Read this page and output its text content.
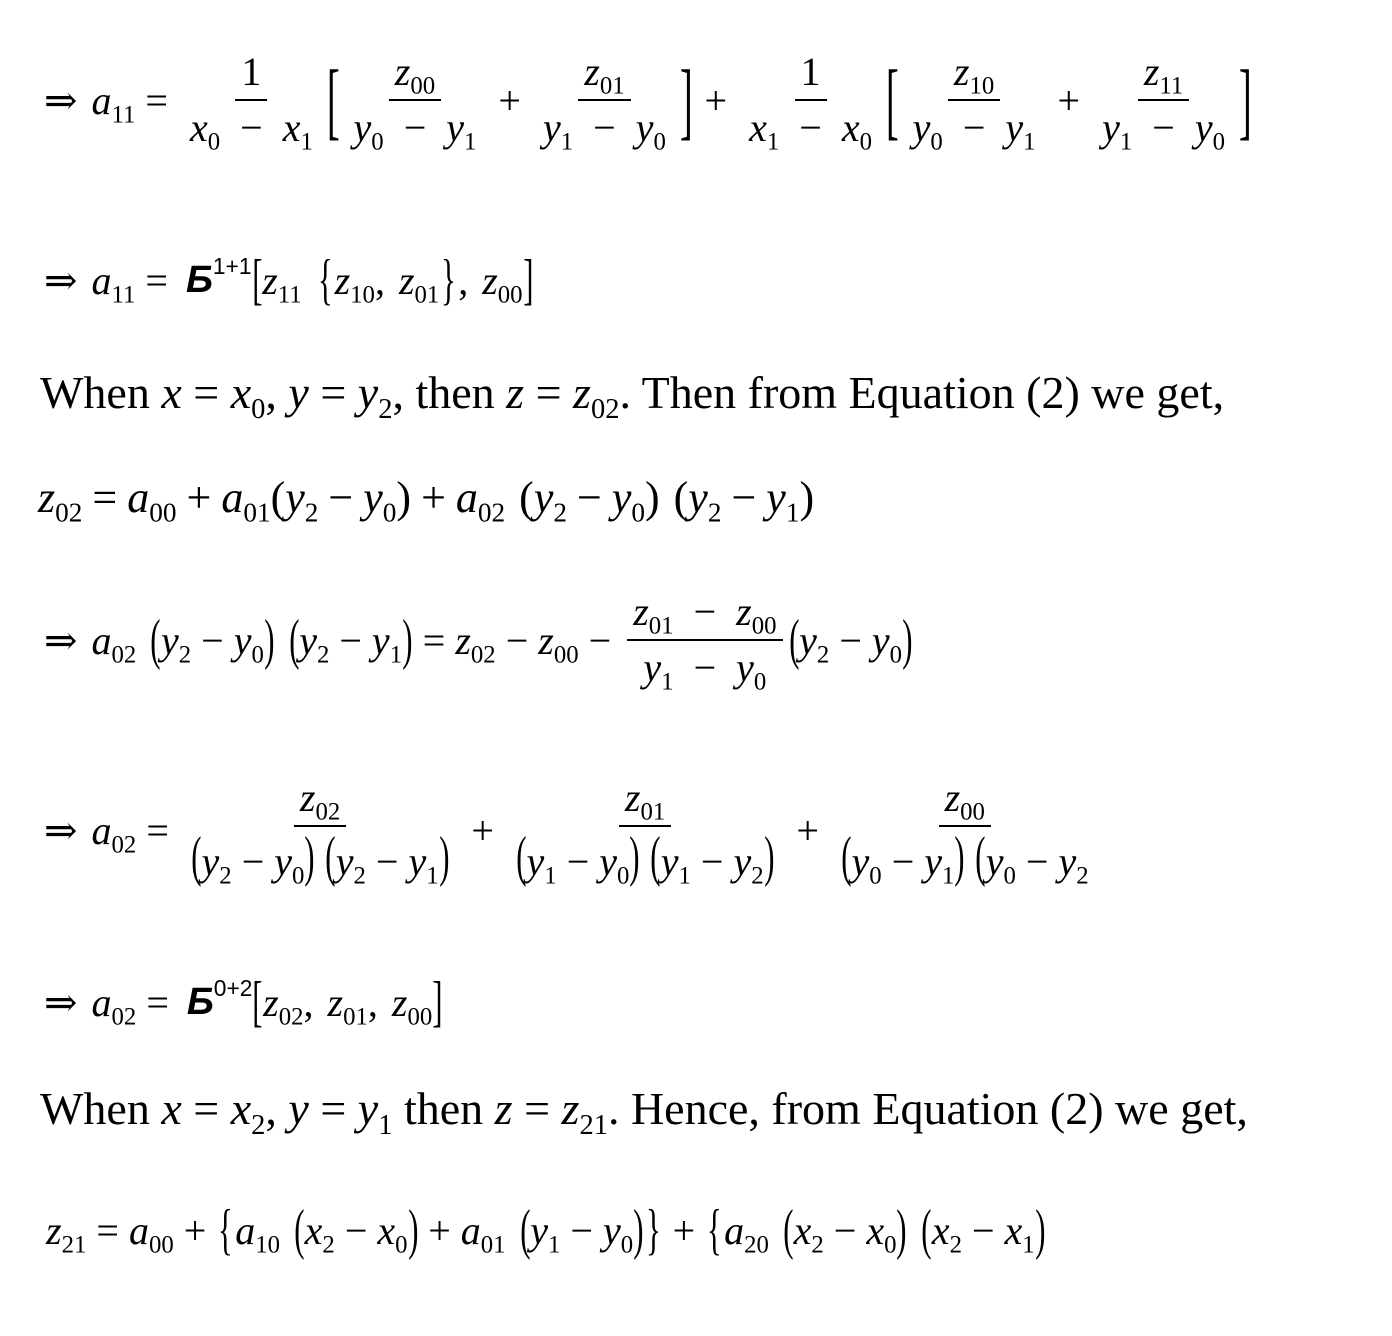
⇒ $a_{11} = \frac{1}{x_0 - x_1}$ [ $\frac{z_{00}}{y_0 - y_1} + \frac{z_{01}}{y_1 - y_0}$ ] + $\frac{1}{x_1 - x_0}$ [ $\frac{z_{10}}{y_0 - y_1} + \frac{z_{11}}{y_1 - y_0}$ ]
⇒ $a_{11} = Б^{1+1}$ [ $z_{11}$ { $z_{10}$ , $z_{01}$ } , $z_{00}$ ]
When $x = x_0$, $y = y_2$, then $z = z_{02}$. Then from Equation (2) we get,
$z_{02} = a_{00} + a_{01}$ ( $y_2 - y_0$ ) + $a_{02}$ ( $y_2 - y_0$ ) ( $y_2 - y_1$ )
⇒ $a_{02}$ ( $y_2 - y_0$ ) ( $y_2 - y_1$ ) = $z_{02} - z_{00} - \frac{z_{01} - z_{00}}{y_1 - y_0}$ ( $y_2 - y_0$ )
⇒ $a_{02} = \frac{z_{02}}{(y_2 - y_0) (y_2 - y_1)} + \frac{z_{01}}{(y_1 - y_0) (y_1 - y_2)} + \frac{z_{00}}{(y_0 - y_1) (y_0 - y_2}$
⇒ $a_{02} = Б^{0+2}$ [ $z_{02}$ , $z_{01}$ , $z_{00}$ ]
When $x = x_2$, $y = y_1$ then $z = z_{21}$. Hence, from Equation (2) we get,
$z_{21} = a_{00}$ + { $a_{10}$ ( $x_2 - x_0$ ) + $a_{01}$ ( $y_1 - y_0$ ) } + { $a_{20}$ ( $x_2 - x_0$ ) ( $x_2 - x_1$ )
